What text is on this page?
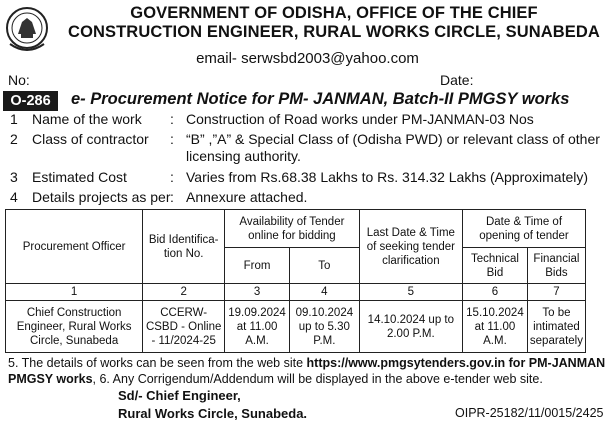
GOVERNMENT OF ODISHA, OFFICE OF THE CHIEF
CONSTRUCTION ENGINEER, RURAL WORKS CIRCLE, SUNABEDA
email- serwsbd2003@yahoo.com
No:	Date:
O-286	e- Procurement Notice for PM- JANMAN, Batch-II PMGSY works
1 Name of the work : Construction of Road works under PM-JANMAN-03 Nos
2 Class of contractor : “B” ,”A” & Special Class of (Odisha PWD) or relevant class of other licensing authority.
3 Estimated Cost	: Varies from Rs.68.38 Lakhs to Rs. 314.32 Lakhs (Approximately)
4 Details projects as per : Annexure attached.
Procurement Officer	Bid Identifica-tion No.	Availability of Tender online for bidding		Last Date & Time of seeking tender clarification	Date & Time of opening of tender	
		From	To		Technical Bid	Financial Bids
1	2	3	4	5	6	7
Chief Construction Engineer, Rural Works Circle, Sunabeda	CCERW-CSBD - Online - 11/2024-25	19.09.2024 at 11.00 A.M.	09.10.2024 up to 5.30 P.M.	14.10.2024 up to 2.00 P.M.	15.10.2024 at 11.00 A.M.	To be intimated separately
5. The details of works can be seen from the web site https://www.pmgsytenders.gov.in for PM-JANMAN PMGSY works, 6. Any Corrigendum/Addendum will be displayed in the above e-tender web site.
Sd/- Chief Engineer,
Rural Works Circle, Sunabeda.	OIPR-25182/11/0015/2425
